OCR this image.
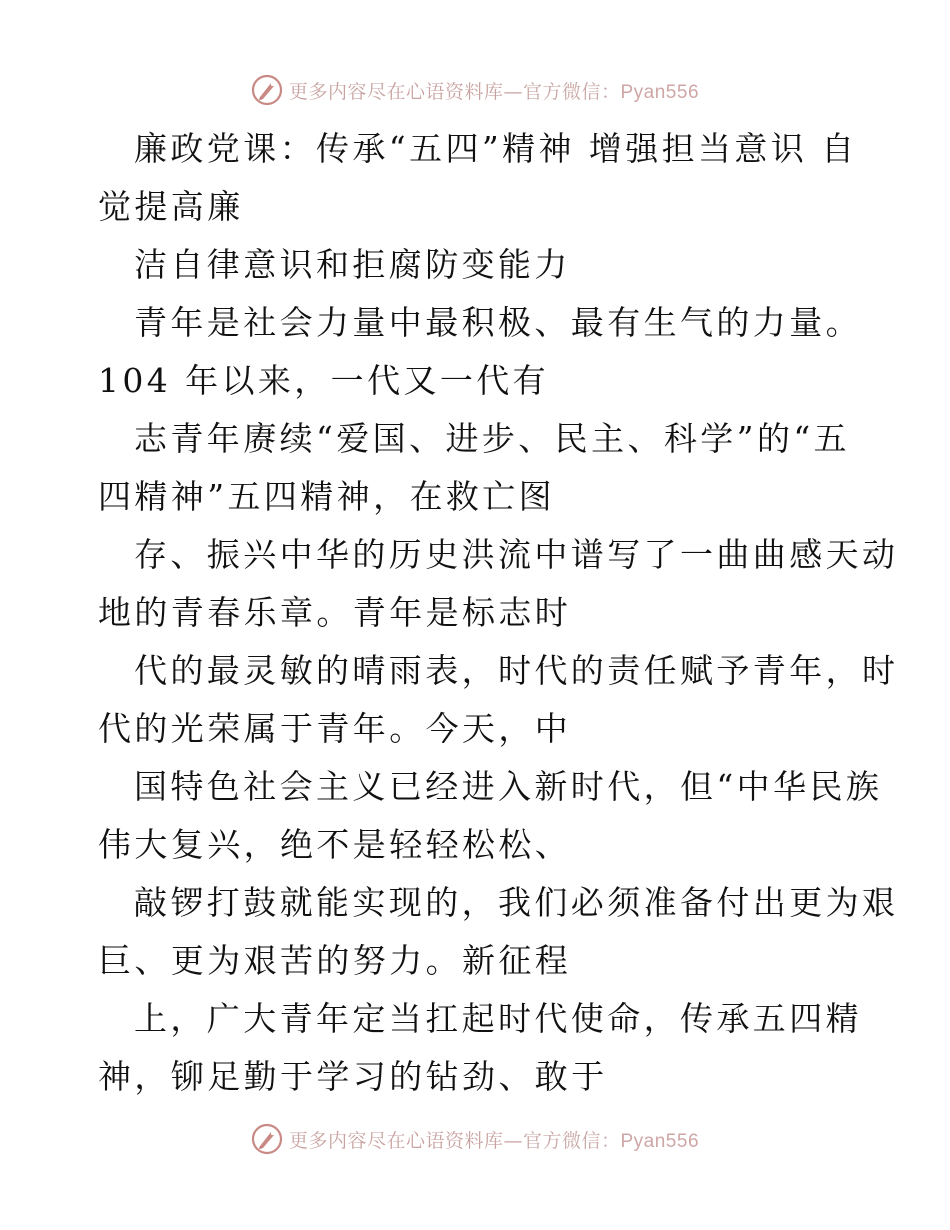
更多内容尽在心语资料库—官方微信：Pyan556
廉政党课：传承“五四”精神 增强担当意识 自
觉提高廉
洁自律意识和拒腐防变能力
青年是社会力量中最积极、最有生气的力量。
104 年以来，一代又一代有
志青年赓续“爱国、进步、民主、科学”的“五
四精神”五四精神，在救亡图
存、振兴中华的历史洪流中谱写了一曲曲感天动
地的青春乐章。青年是标志时
代的最灵敏的晴雨表，时代的责任赋予青年，时
代的光荣属于青年。今天，中
国特色社会主义已经进入新时代，但“中华民族
伟大复兴，绝不是轻轻松松、
敲锣打鼓就能实现的，我们必须准备付出更为艰
巨、更为艰苦的努力。新征程
上，广大青年定当扛起时代使命，传承五四精
神，铆足勤于学习的钻劲、敢于
更多内容尽在心语资料库—官方微信：Pyan556
